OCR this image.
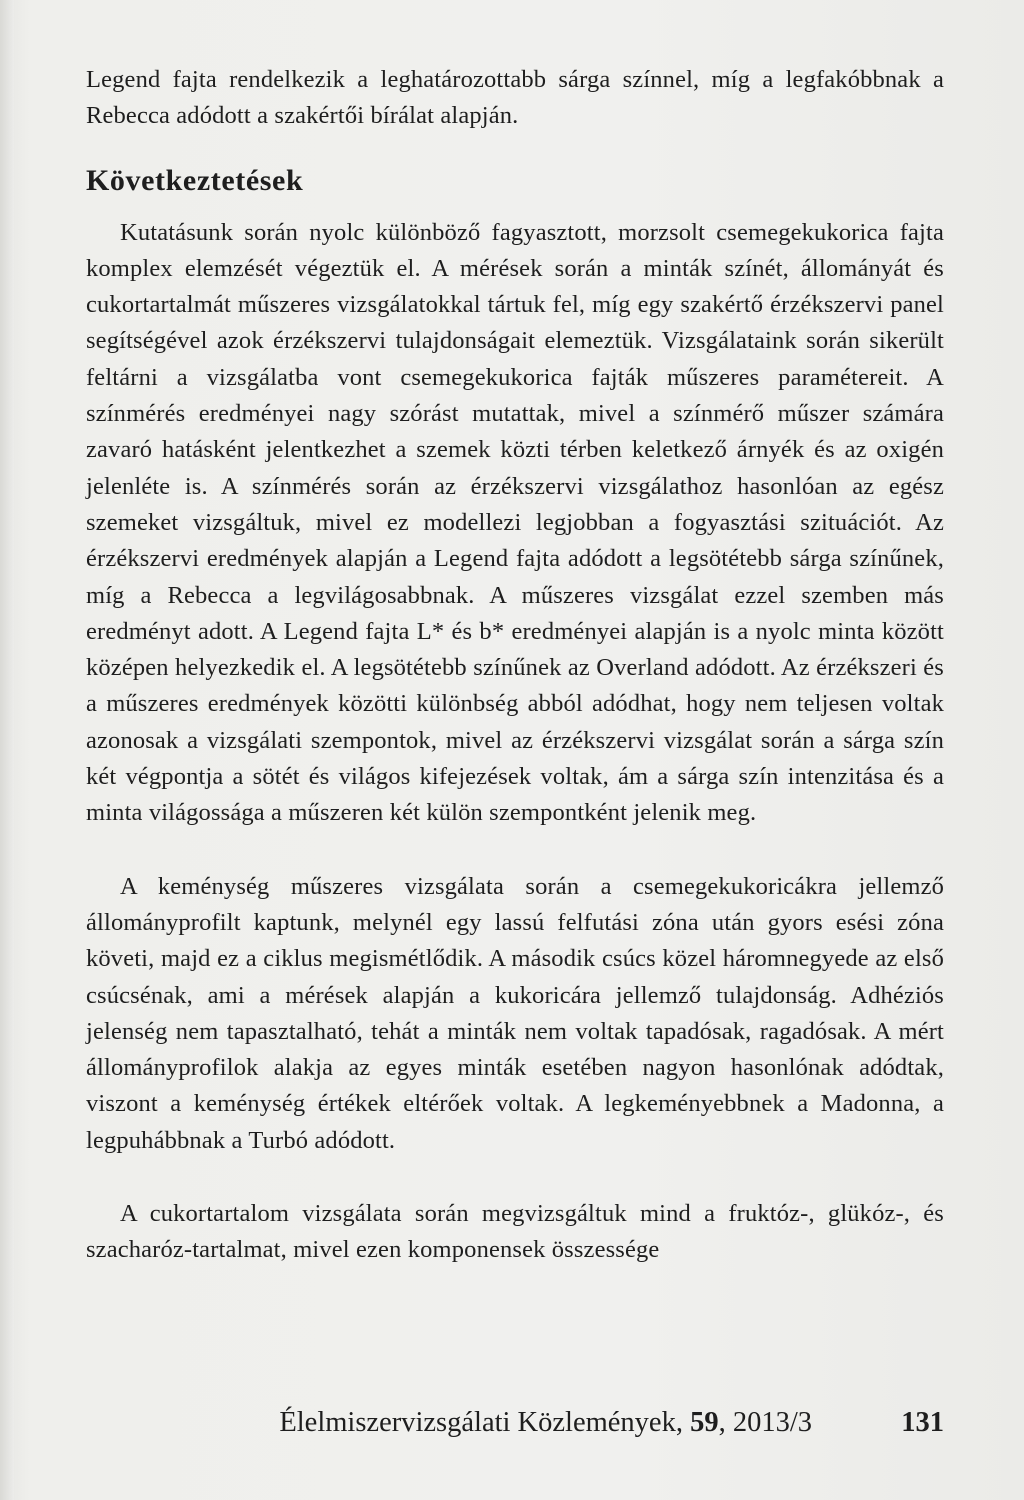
Legend fajta rendelkezik a leghatározottabb sárga színnel, míg a legfakóbbnak a Rebecca adódott a szakértői bírálat alapján.

Következtetések

Kutatásunk során nyolc különböző fagyasztott, morzsolt csemegekukorica fajta komplex elemzését végeztük el. A mérések során a minták színét, állományát és cukortartalmát műszeres vizsgálatokkal tártuk fel, míg egy szakértő érzékszervi panel segítségével azok érzékszervi tulajdonságait elemeztük. Vizsgálataink során sikerült feltárni a vizsgálatba vont csemegekukorica fajták műszeres paramétereit. A színmérés eredményei nagy szórást mutattak, mivel a színmérő műszer számára zavaró hatásként jelentkezhet a szemek közti térben keletkező árnyék és az oxigén jelenléte is. A színmérés során az érzékszervi vizsgálathoz hasonlóan az egész szemeket vizsgáltuk, mivel ez modellezi legjobban a fogyasztási szituációt. Az érzékszervi eredmények alapján a Legend fajta adódott a legsötétebb sárga színűnek, míg a Rebecca a legvilágosabbnak. A műszeres vizsgálat ezzel szemben más eredményt adott. A Legend fajta L* és b* eredményei alapján is a nyolc minta között középen helyezkedik el. A legsötétebb színűnek az Overland adódott. Az érzékszeri és a műszeres eredmények közötti különbség abból adódhat, hogy nem teljesen voltak azonosak a vizsgálati szempontok, mivel az érzékszervi vizsgálat során a sárga szín két végpontja a sötét és világos kifejezések voltak, ám a sárga szín intenzitása és a minta világossága a műszeren két külön szempontként jelenik meg.

A keménység műszeres vizsgálata során a csemegekukoricákra jellemző állományprofilt kaptunk, melynél egy lassú felfutási zóna után gyors esési zóna követi, majd ez a ciklus megismétlődik. A második csúcs közel háromnegyede az első csúcsénak, ami a mérések alapján a kukoricára jellemző tulajdonság. Adhéziós jelenség nem tapasztalható, tehát a minták nem voltak tapadósak, ragadósak. A mért állományprofilok alakja az egyes minták esetében nagyon hasonlónak adódtak, viszont a keménység értékek eltérőek voltak. A legkeményebbnek a Madonna, a legpuhábbnak a Turbó adódott.

A cukortartalom vizsgálata során megvizsgáltuk mind a fruktóz-, glükóz-, és szacharóz-tartalmat, mivel ezen komponensek összessége

Élelmiszervizsgálati Közlemények, 59, 2013/3	131
